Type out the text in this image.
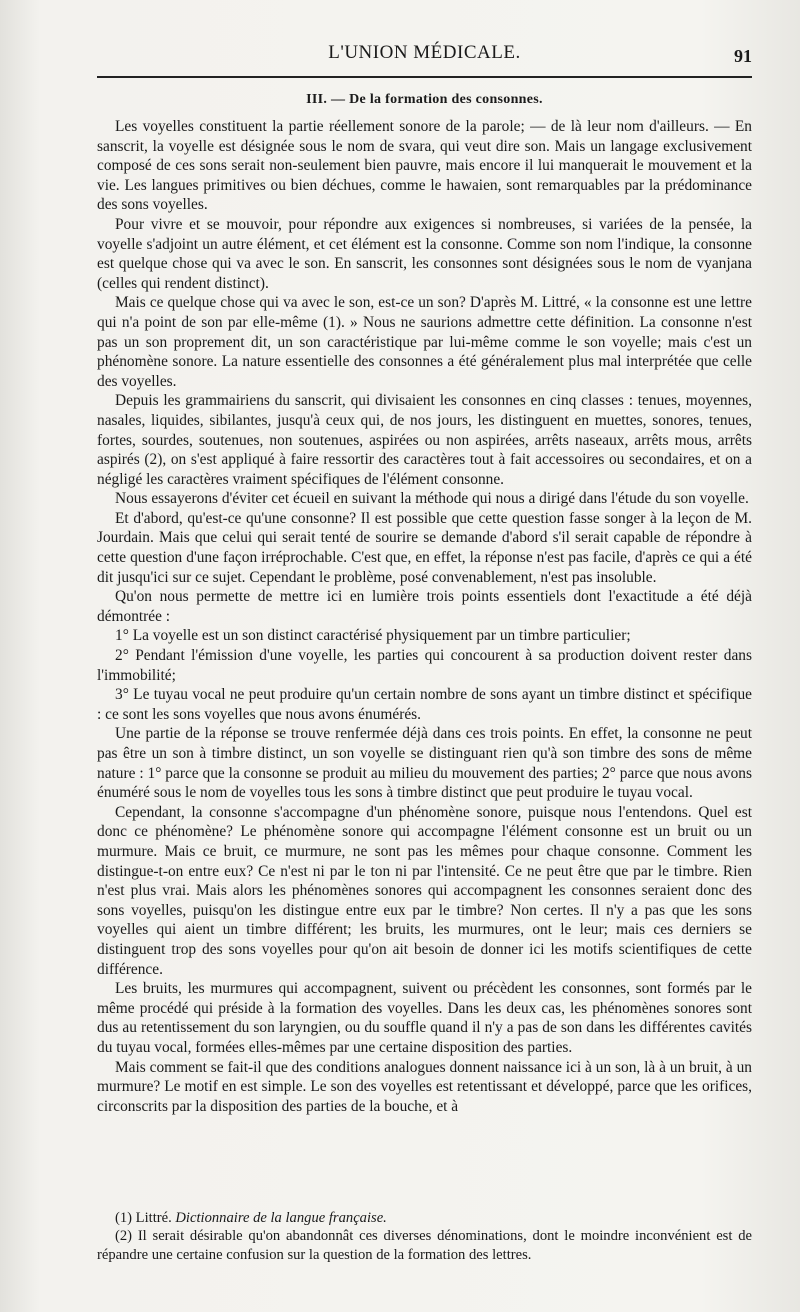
L'UNION MÉDICALE.	91
III. — De la formation des consonnes.

Les voyelles constituent la partie réellement sonore de la parole; — de là leur nom d'ailleurs. — En sanscrit, la voyelle est désignée sous le nom de svara, qui veut dire son. Mais un langage exclusivement composé de ces sons serait non-seulement bien pauvre, mais encore il lui manquerait le mouvement et la vie. Les langues primitives ou bien déchues, comme le hawaien, sont remarquables par la prédominance des sons voyelles.

Pour vivre et se mouvoir, pour répondre aux exigences si nombreuses, si variées de la pensée, la voyelle s'adjoint un autre élément, et cet élément est la consonne. Comme son nom l'indique, la consonne est quelque chose qui va avec le son. En sanscrit, les consonnes sont désignées sous le nom de vyanjana (celles qui rendent distinct).

Mais ce quelque chose qui va avec le son, est-ce un son? D'après M. Littré, « la consonne est une lettre qui n'a point de son par elle-même (1). » Nous ne saurions admettre cette définition. La consonne n'est pas un son proprement dit, un son caractéristique par lui-même comme le son voyelle; mais c'est un phénomène sonore. La nature essentielle des consonnes a été généralement plus mal interprétée que celle des voyelles.

Depuis les grammairiens du sanscrit, qui divisaient les consonnes en cinq classes : tenues, moyennes, nasales, liquides, sibilantes, jusqu'à ceux qui, de nos jours, les distinguent en muettes, sonores, tenues, fortes, sourdes, soutenues, non soutenues, aspirées ou non aspirées, arrêts naseaux, arrêts mous, arrêts aspirés (2), on s'est appliqué à faire ressortir des caractères tout à fait accessoires ou secondaires, et on a négligé les caractères vraiment spécifiques de l'élément consonne.

Nous essayerons d'éviter cet écueil en suivant la méthode qui nous a dirigé dans l'étude du son voyelle.

Et d'abord, qu'est-ce qu'une consonne? Il est possible que cette question fasse songer à la leçon de M. Jourdain. Mais que celui qui serait tenté de sourire se demande d'abord s'il serait capable de répondre à cette question d'une façon irréprochable. C'est que, en effet, la réponse n'est pas facile, d'après ce qui a été dit jusqu'ici sur ce sujet. Cependant le problème, posé convenablement, n'est pas insoluble.

Qu'on nous permette de mettre ici en lumière trois points essentiels dont l'exactitude a été déjà démontrée :

1° La voyelle est un son distinct caractérisé physiquement par un timbre particulier;

2° Pendant l'émission d'une voyelle, les parties qui concourent à sa production doivent rester dans l'immobilité;

3° Le tuyau vocal ne peut produire qu'un certain nombre de sons ayant un timbre distinct et spécifique : ce sont les sons voyelles que nous avons énumérés.

Une partie de la réponse se trouve renfermée déjà dans ces trois points. En effet, la consonne ne peut pas être un son à timbre distinct, un son voyelle se distinguant rien qu'à son timbre des sons de même nature : 1° parce que la consonne se produit au milieu du mouvement des parties; 2° parce que nous avons énuméré sous le nom de voyelles tous les sons à timbre distinct que peut produire le tuyau vocal.

Cependant, la consonne s'accompagne d'un phénomène sonore, puisque nous l'entendons. Quel est donc ce phénomène? Le phénomène sonore qui accompagne l'élément consonne est un bruit ou un murmure. Mais ce bruit, ce murmure, ne sont pas les mêmes pour chaque consonne. Comment les distingue-t-on entre eux? Ce n'est ni par le ton ni par l'intensité. Ce ne peut être que par le timbre. Rien n'est plus vrai. Mais alors les phénomènes sonores qui accompagnent les consonnes seraient donc des sons voyelles, puisqu'on les distingue entre eux par le timbre? Non certes. Il n'y a pas que les sons voyelles qui aient un timbre différent; les bruits, les murmures, ont le leur; mais ces derniers se distinguent trop des sons voyelles pour qu'on ait besoin de donner ici les motifs scientifiques de cette différence.

Les bruits, les murmures qui accompagnent, suivent ou précèdent les consonnes, sont formés par le même procédé qui préside à la formation des voyelles. Dans les deux cas, les phénomènes sonores sont dus au retentissement du son laryngien, ou du souffle quand il n'y a pas de son dans les différentes cavités du tuyau vocal, formées elles-mêmes par une certaine disposition des parties.

Mais comment se fait-il que des conditions analogues donnent naissance ici à un son, là à un bruit, à un murmure? Le motif en est simple. Le son des voyelles est retentissant et développé, parce que les orifices, circonscrits par la disposition des parties de la bouche, et à

(1) Littré. Dictionnaire de la langue française.

(2) Il serait désirable qu'on abandonnât ces diverses dénominations, dont le moindre inconvénient est de répandre une certaine confusion sur la question de la formation des lettres.
